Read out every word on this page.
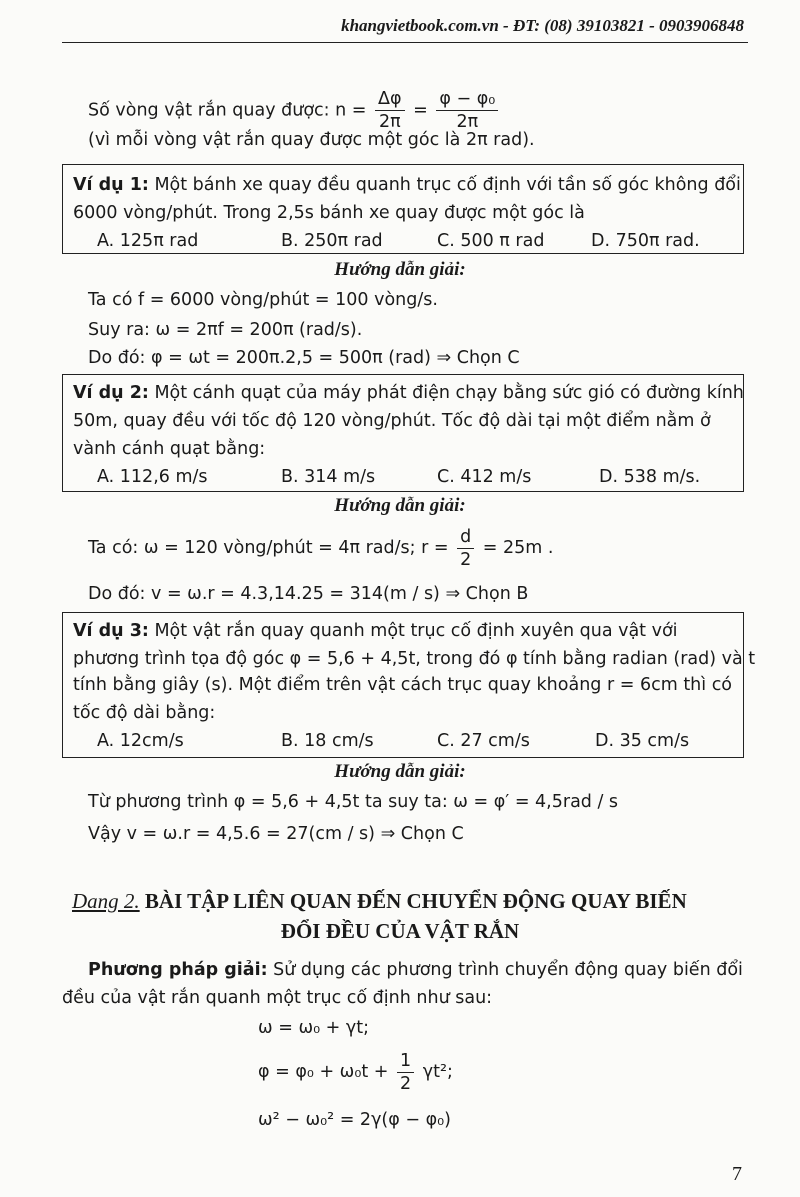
khangvietbook.com.vn - ĐT: (08) 39103821 - 0903906848
Số vòng vật rắn quay được: $n = \frac{\Delta\varphi}{2\pi} = \frac{\text{φ − φ₀}}{2\pi}$
(vì mỗi vòng vật rắn quay được một góc là 2π rad).
Ví dụ 1: Một bánh xe quay đều quanh trục cố định với tần số góc không đổi
6000 vòng/phút. Trong 2,5s bánh xe quay được một góc là
A. 125π rad	B. 250π rad	C. 500 π rad	D. 750π rad.
Hướng dẫn giải:
Ta có f = 6000 vòng/phút = 100 vòng/s.
Suy ra: ω = 2πf = 200π (rad/s).
Do đó: φ = ωt = 200π.2,5 = 500π (rad) ⇒ Chọn C
Ví dụ 2: Một cánh quạt của máy phát điện chạy bằng sức gió có đường kính
50m, quay đều với tốc độ 120 vòng/phút. Tốc độ dài tại một điểm nằm ở
vành cánh quạt bằng:
A. 112,6 m/s	B. 314 m/s	C. 412 m/s	D. 538 m/s.
Hướng dẫn giải:
Ta có: ω = 120 vòng/phút = 4π rad/s; $r = \frac{d}{2} = 25m$ .
Do đó: v = ω.r = 4.3,14.25 = 314(m / s) ⇒ Chọn B
Ví dụ 3: Một vật rắn quay quanh một trục cố định xuyên qua vật với
phương trình tọa độ góc φ = 5,6 + 4,5t, trong đó φ tính bằng radian (rad) và t
tính bằng giây (s). Một điểm trên vật cách trục quay khoảng r = 6cm thì có
tốc độ dài bằng:
A. 12cm/s	B. 18 cm/s	C. 27 cm/s	D. 35 cm/s
Hướng dẫn giải:
Từ phương trình φ = 5,6 + 4,5t ta suy ta: ω = φ′ = 4,5rad / s
Vậy v = ω.r = 4,5.6 = 27(cm / s) ⇒ Chọn C
Dang 2. BÀI TẬP LIÊN QUAN ĐẾN CHUYỂN ĐỘNG QUAY BIẾN
ĐỔI ĐỀU CỦA VẬT RẮN
Phương pháp giải: Sử dụng các phương trình chuyển động quay biến đổi
đều của vật rắn quanh một trục cố định như sau:
ω = ω₀ + γt;
$\varphi = \varphi_0 + \omega_0t + \frac{1}{2} \gamma t^2$;
ω² − ω₀² = 2γ(φ − φ₀)
7
